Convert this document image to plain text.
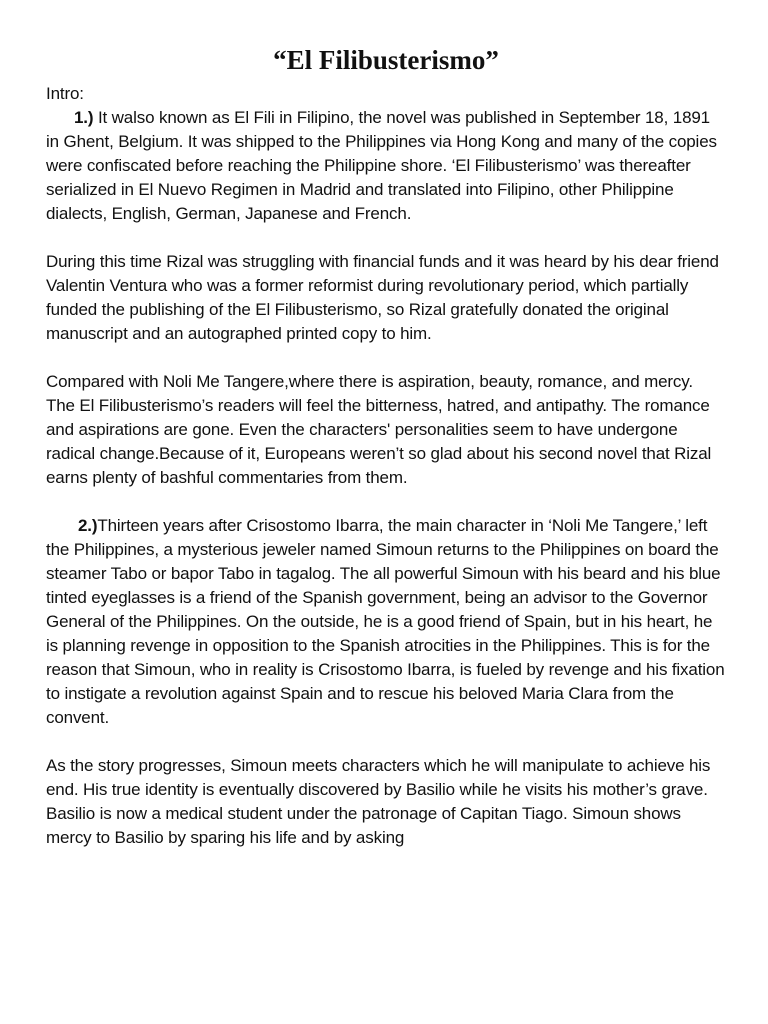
“El Filibusterismo”
Intro:

1.) It walso known as El Fili in Filipino, the novel was published in September 18, 1891 in Ghent, Belgium. It was shipped to the Philippines via Hong Kong and many of the copies were confiscated before reaching the Philippine shore. ‘El Filibusterismo’ was thereafter serialized in El Nuevo Regimen in Madrid and translated into Filipino, other Philippine dialects, English, German, Japanese and French.

During this time Rizal was struggling with financial funds and it was heard by his dear friend Valentin Ventura who was a former reformist during revolutionary period, which partially funded the publishing of the El Filibusterismo, so Rizal gratefully donated the original manuscript and an autographed printed copy to him.

Compared with Noli Me Tangere,where there is aspiration, beauty, romance, and mercy. The El Filibusterismo’s readers will feel the bitterness, hatred, and antipathy. The romance and aspirations are gone. Even the characters' personalities seem to have undergone radical change.Because of it, Europeans weren’t so glad about his second novel that Rizal earns plenty of bashful commentaries from them.

2.)Thirteen years after Crisostomo Ibarra, the main character in ‘Noli Me Tangere,’ left the Philippines, a mysterious jeweler named Simoun returns to the Philippines on board the steamer Tabo or bapor Tabo in tagalog. The all powerful Simoun with his beard and his blue tinted eyeglasses is a friend of the Spanish government, being an advisor to the Governor General of the Philippines. On the outside, he is a good friend of Spain, but in his heart, he is planning revenge in opposition to the Spanish atrocities in the Philippines. This is for the reason that Simoun, who in reality is Crisostomo Ibarra, is fueled by revenge and his fixation to instigate a revolution against Spain and to rescue his beloved Maria Clara from the convent.

As the story progresses, Simoun meets characters which he will manipulate to achieve his end. His true identity is eventually discovered by Basilio while he visits his mother’s grave. Basilio is now a medical student under the patronage of Capitan Tiago. Simoun shows mercy to Basilio by sparing his life and by asking
